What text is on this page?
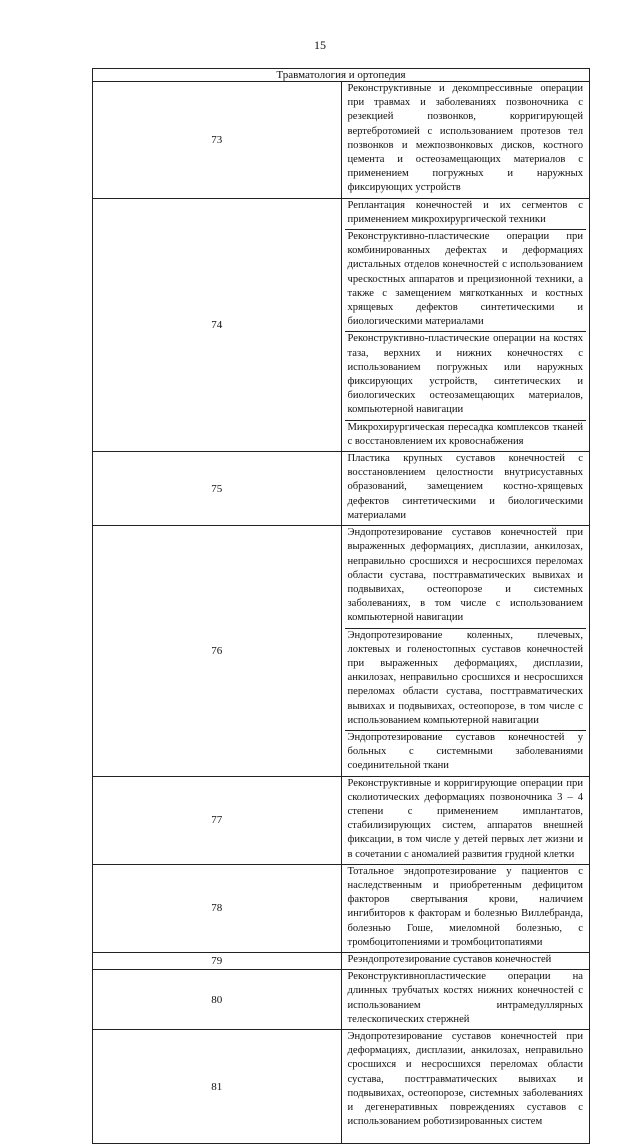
15
Травматология и ортопедия	
73	Реконструктивные и декомпрессивные операции при травмах и заболеваниях позвоночника с резекцией позвонков, корригирующей вертебротомией с использованием протезов тел позвонков и межпозвонковых дисков, костного цемента и остеозамещающих материалов с применением погружных и наружных фиксирующих устройств

74	Реплантация конечностей и их сегментов с применением микрохирургической техники
Реконструктивно-пластические операции при комбинированных дефектах и деформациях дистальных отделов конечностей с использованием чрескостных аппаратов и прецизионной техники, а также с замещением мягкотканных и костных хрящевых дефектов синтетическими и биологическими материалами
Реконструктивно-пластические операции на костях таза, верхних и нижних конечностях с использованием погружных или наружных фиксирующих устройств, синтетических и биологических остеозамещающих материалов, компьютерной навигации
Микрохирургическая пересадка комплексов тканей с восстановлением их кровоснабжения

75	Пластика крупных суставов конечностей с восстановлением целостности внутрисуставных образований, замещением костно-хрящевых дефектов синтетическими и биологическими материалами

76	Эндопротезирование суставов конечностей при выраженных деформациях, дисплазии, анкилозах, неправильно сросшихся и несросшихся переломах области сустава, посттравматических вывихах и подвывихах, остеопорозе и системных заболеваниях, в том числе с использованием компьютерной навигации
Эндопротезирование коленных, плечевых, локтевых и голеностопных суставов конечностей при выраженных деформациях, дисплазии, анкилозах, неправильно сросшихся и несросшихся переломах области сустава, посттравматических вывихах и подвывихах, остеопорозе, в том числе с использованием компьютерной навигации
Эндопротезирование суставов конечностей у больных с системными заболеваниями соединительной ткани

77	Реконструктивные и корригирующие операции при сколиотических деформациях позвоночника 3 – 4 степени с применением имплантатов, стабилизирующих систем, аппаратов внешней фиксации, в том числе у детей первых лет жизни и в сочетании с аномалией развития грудной клетки

78	Тотальное эндопротезирование у пациентов с наследственным и приобретенным дефицитом факторов свертывания крови, наличием ингибиторов к факторам и болезнью Виллебранда, болезнью Гоше, миеломной болезнью, с тромбоцитопениями и тромбоцитопатиями

79	Реэндопротезирование суставов конечностей

80	Реконструктивнопластические операции на длинных трубчатых костях нижних конечностей с использованием интрамедуллярных телескопических стержней

81	Эндопротезирование суставов конечностей при деформациях, дисплазии, анкилозах, неправильно сросшихся и несросшихся переломах области сустава, посттравматических вывихах и подвывихах, остеопорозе, системных заболеваниях и дегенеративных повреждениях суставов с использованием роботизированных систем
